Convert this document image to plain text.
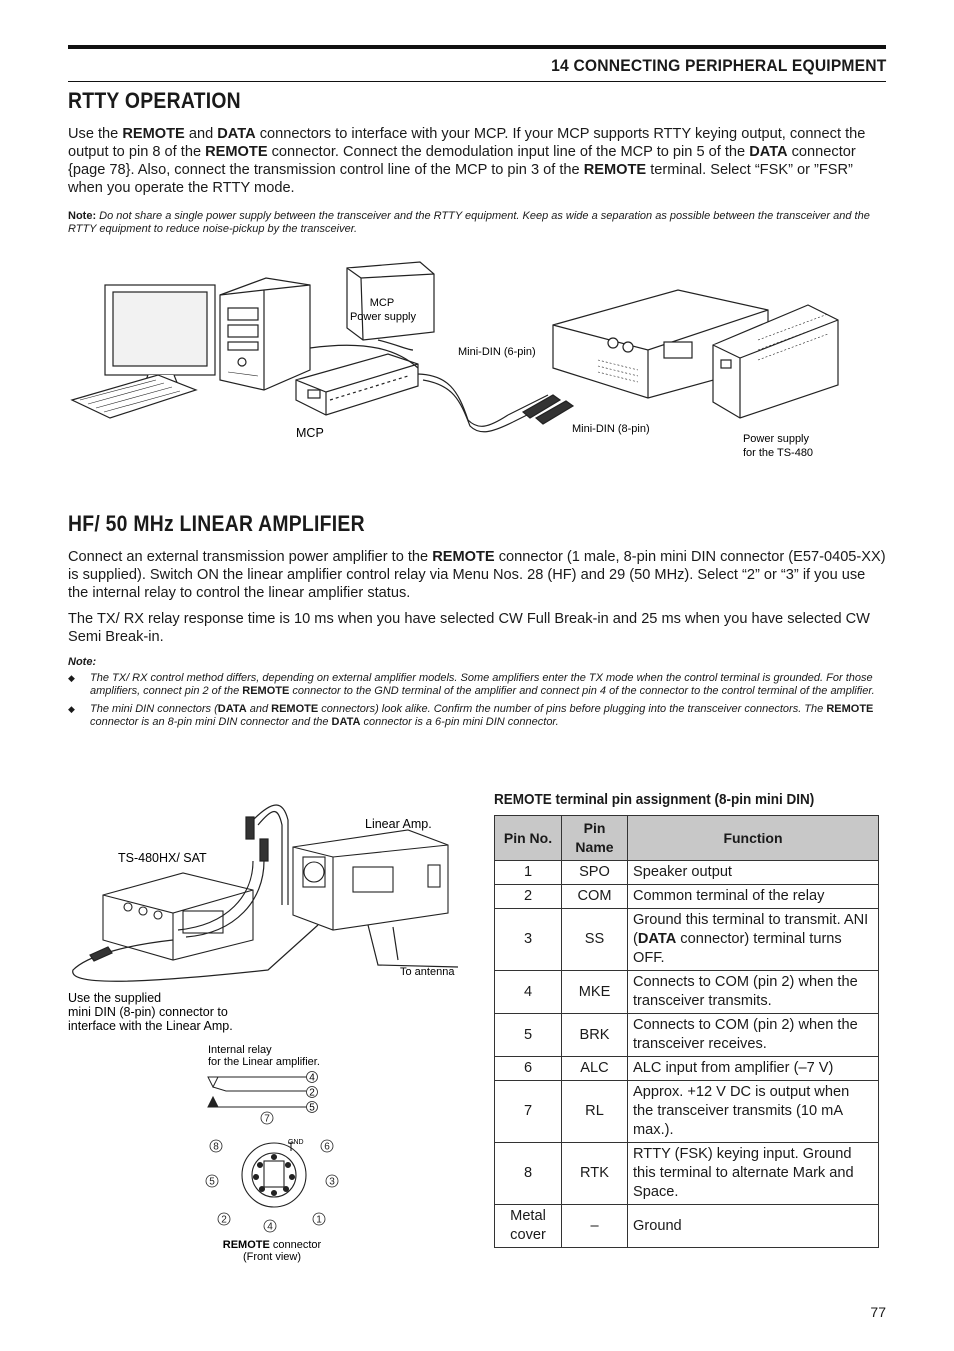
14 CONNECTING PERIPHERAL EQUIPMENT
RTTY OPERATION
Use the REMOTE and DATA connectors to interface with your MCP. If your MCP supports RTTY keying output, connect the output to pin 8 of the REMOTE connector. Connect the demodulation input line of the MCP to pin 5 of the DATA connector {page 78}. Also, connect the transmission control line of the MCP to pin 3 of the REMOTE terminal. Select “FSK” or ”FSR” when you operate the RTTY mode.
Note: Do not share a single power supply between the transceiver and the RTTY equipment. Keep as wide a separation as possible between the transceiver and the RTTY equipment to reduce noise-pickup by the transceiver.
MCP
Power supply
Mini-DIN (6-pin)
Mini-DIN (8-pin)
MCP	Power supply
for the TS-480
HF/ 50 MHz LINEAR AMPLIFIER
Connect an external transmission power amplifier to the REMOTE connector (1 male, 8-pin mini DIN connector (E57-0405-XX) is supplied). Switch ON the linear amplifier control relay via Menu Nos. 28 (HF) and 29 (50 MHz). Select “2” or “3” if you use the internal relay to control the linear amplifier status.
The TX/ RX relay response time is 10 ms when you have selected CW Full Break-in and 25 ms when you have selected CW Semi Break-in.
Note:
◆ The TX/ RX control method differs, depending on external amplifier models. Some amplifiers enter the TX mode when the control terminal is grounded. For those amplifiers, connect pin 2 of the REMOTE connector to the GND terminal of the amplifier and connect pin 4 of the connector to the control terminal of the amplifier.
◆ The mini DIN connectors (DATA and REMOTE connectors) look alike. Confirm the number of pins before plugging into the transceiver connectors. The REMOTE connector is an 8-pin mini DIN connector and the DATA connector is a 6-pin mini DIN connector.
TS-480HX/ SAT
Linear Amp.
To antenna
Use the supplied
mini DIN (8-pin) connector to
interface with the Linear Amp.
Internal relay
for the Linear amplifier.
4
2
5
GND
7
8	6
5	3
2
4
1
REMOTE connector
(Front view)
REMOTE terminal pin assignment (8-pin mini DIN)
Pin No.	Pin Name	Function
1	SPO	Speaker output
2	COM	Common terminal of the relay
3	SS	Ground this terminal to transmit. ANI (DATA connector) terminal turns OFF.
4	MKE	Connects to COM (pin 2) when the transceiver transmits.
5	BRK	Connects to COM (pin 2) when the transceiver receives.
6	ALC	ALC input from amplifier (–7 V)
7	RL	Approx. +12 V DC is output when the transceiver transmits (10 mA max.).
8	RTK	RTTY (FSK) keying input. Ground this terminal to alternate Mark and Space.
Metal cover	–	Ground
77
